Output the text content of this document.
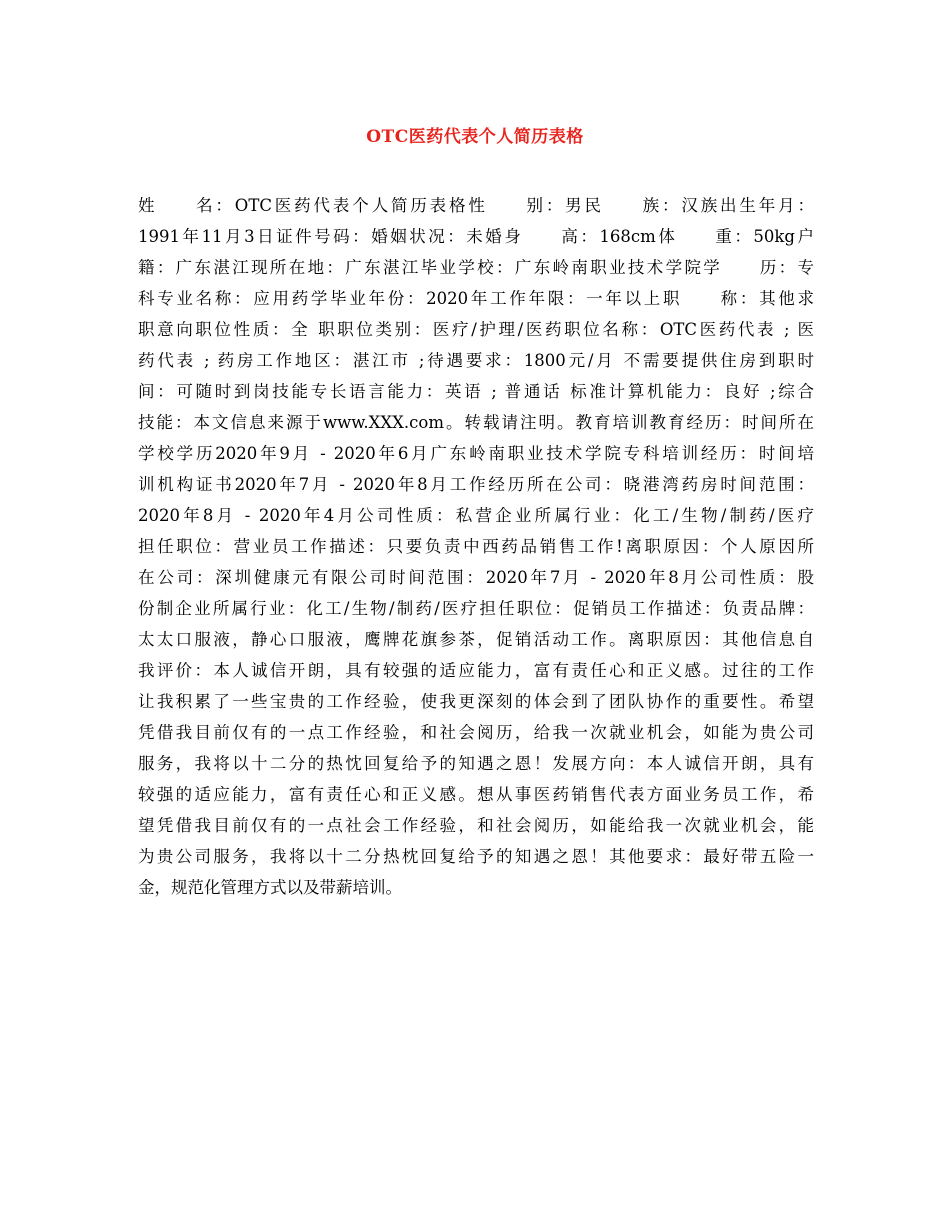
OTC医药代表个人简历表格
姓　　名：OTC医药代表个人简历表格性　　别：男民　　族：汉族出生年月：
1991年11月3日证件号码：婚姻状况：未婚身　　高：168cm体　　重：50kg户
籍：广东湛江现所在地：广东湛江毕业学校：广东岭南职业技术学院学　　历：专
科专业名称：应用药学毕业年份：2020年工作年限：一年以上职　　称：其他求
职意向职位性质：全 职职位类别：医疗/护理/医药职位名称：OTC医药代表 ; 医
药代表 ; 药房工作地区：湛江市 ;待遇要求：1800元/月 不需要提供住房到职时
间：可随时到岗技能专长语言能力：英语 ; 普通话 标准计算机能力：良好 ;综合
技能：本文信息来源于www.XXX.com。转载请注明。教育培训教育经历：时间所在
学校学历2020年9月 - 2020年6月广东岭南职业技术学院专科培训经历：时间培
训机构证书2020年7月 - 2020年8月工作经历所在公司：晓港湾药房时间范围：
2020年8月 - 2020年4月公司性质：私营企业所属行业：化工/生物/制药/医疗
担任职位：营业员工作描述：只要负责中西药品销售工作!离职原因：个人原因所
在公司：深圳健康元有限公司时间范围：2020年7月 - 2020年8月公司性质：股
份制企业所属行业：化工/生物/制药/医疗担任职位：促销员工作描述：负责品牌：
太太口服液，静心口服液，鹰牌花旗参茶，促销活动工作。离职原因：其他信息自
我评价：本人诚信开朗，具有较强的适应能力，富有责任心和正义感。过往的工作
让我积累了一些宝贵的工作经验，使我更深刻的体会到了团队协作的重要性。希望
凭借我目前仅有的一点工作经验，和社会阅历，给我一次就业机会，如能为贵公司
服务，我将以十二分的热忱回复给予的知遇之恩！发展方向：本人诚信开朗，具有
较强的适应能力，富有责任心和正义感。想从事医药销售代表方面业务员工作，希
望凭借我目前仅有的一点社会工作经验，和社会阅历，如能给我一次就业机会，能
为贵公司服务，我将以十二分热枕回复给予的知遇之恩！其他要求：最好带五险一
金，规范化管理方式以及带薪培训。
